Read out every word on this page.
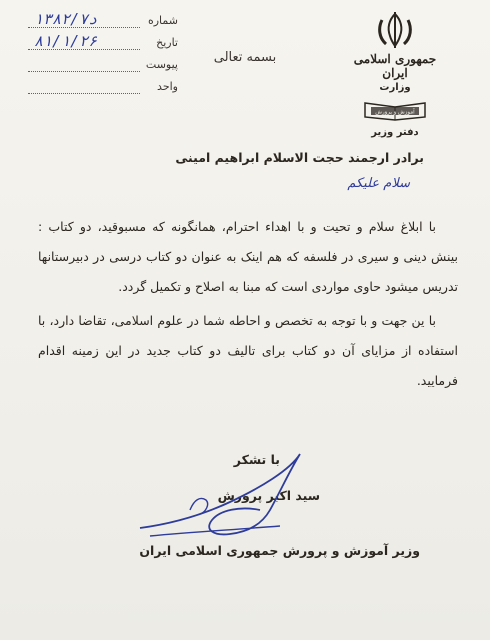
شماره
۱۳۸۲/د۷
تاریخ
۸۱/۱/۲۶
پیوست
واحد
بسمه تعالی	جمهوری اسلامی ایران
وزارت
آموزش و پرورش
دفتر وزیر
برادر ارجمند حجت الاسلام ابراهیم امینی
سلام علیکم

با ابلاغ سلام و تحیت و با اهداء احترام، همانگونه که مسبوقید، دو کتاب : بینش دینی و سیری در فلسفه که هم اینک به عنوان دو کتاب درسی در دبیرستانها تدریس میشود حاوی مواردی است که مبنا به اصلاح و تکمیل گردد.

با ین جهت و با توجه به تخصص و احاطه شما در علوم اسلامی، تقاضا دارد، با استفاده از مزایای آن دو کتاب برای تالیف دو کتاب جدید در این زمینه اقدام فرمایید.

با تشکر
سید اکبر پرورش
وزیر آموزش و پرورش جمهوری اسلامی ایران
